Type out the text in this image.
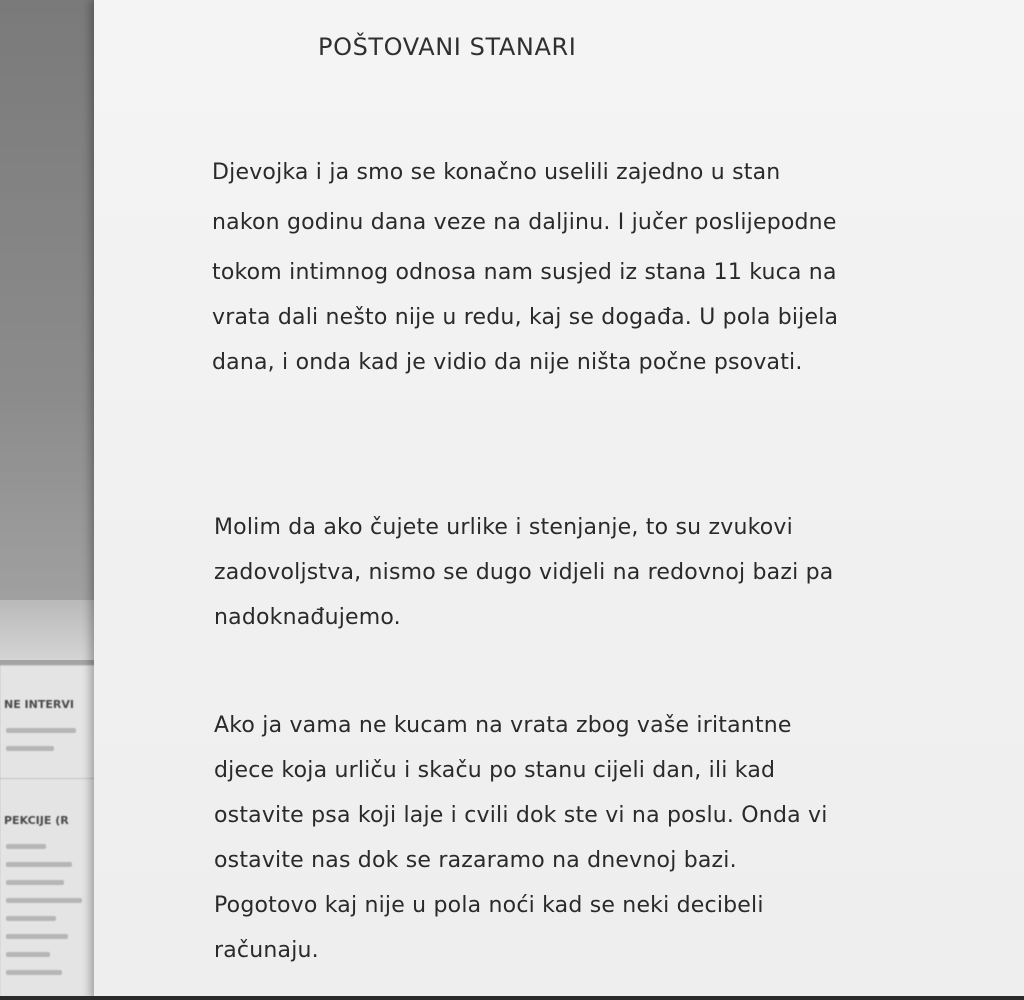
NE INTERVI
PEKCIJE (R
POŠTOVANI STANARI
Djevojka i ja smo se konačno uselili zajedno u stan
nakon godinu dana veze na daljinu. I jučer poslijepodne
tokom intimnog odnosa nam susjed iz stana 11 kuca na
vrata dali nešto nije u redu, kaj se događa. U pola bijela
dana, i onda kad je vidio da nije ništa počne psovati.
Molim da ako čujete urlike i stenjanje, to su zvukovi
zadovoljstva, nismo se dugo vidjeli na redovnoj bazi pa
nadoknađujemo.
Ako ja vama ne kucam na vrata zbog vaše iritantne
djece koja urliču i skaču po stanu cijeli dan, ili kad
ostavite psa koji laje i cvili dok ste vi na poslu. Onda vi
ostavite nas dok se razaramo na dnevnoj bazi.
Pogotovo kaj nije u pola noći kad se neki decibeli
računaju.
